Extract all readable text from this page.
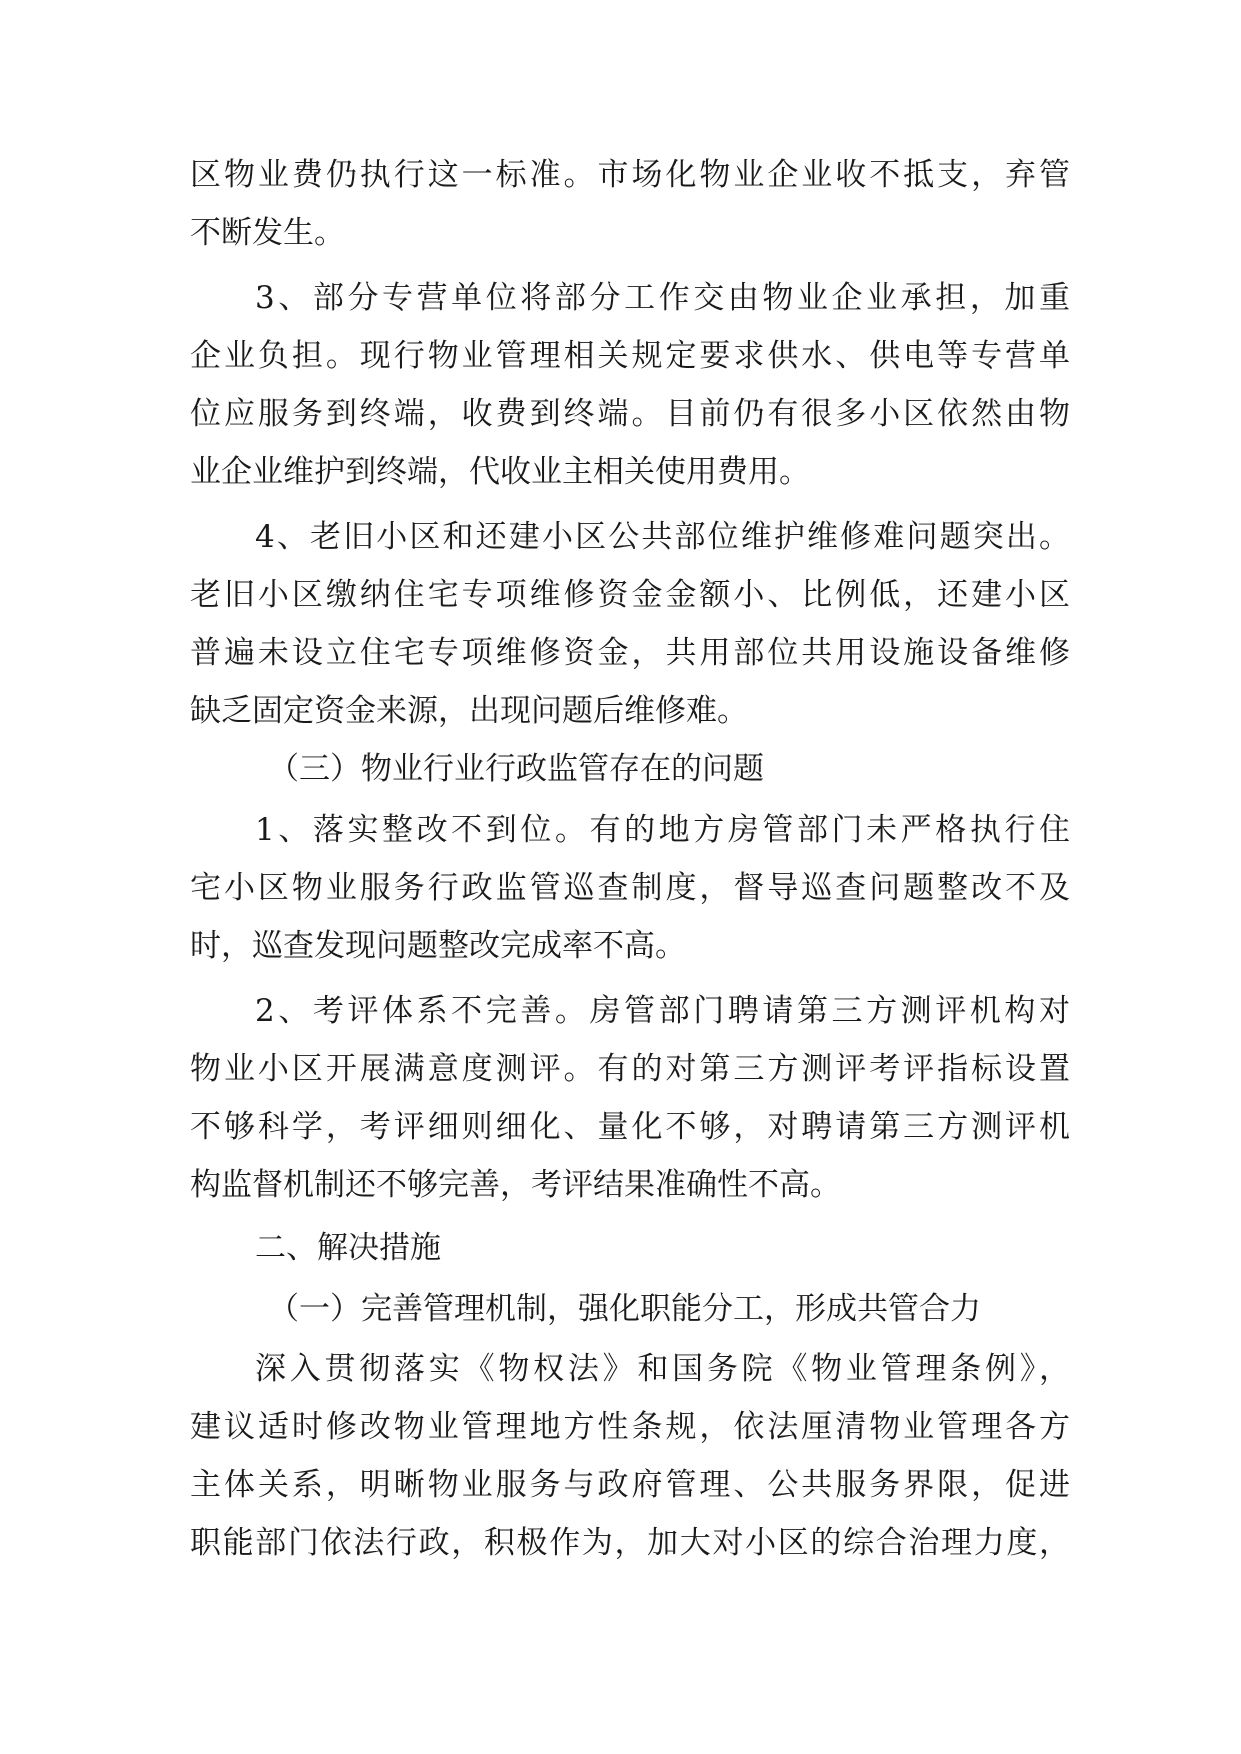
区物业费仍执行这一标准。市场化物业企业收不抵支，弃管

不断发生。

3、部分专营单位将部分工作交由物业企业承担，加重

企业负担。现行物业管理相关规定要求供水、供电等专营单

位应服务到终端，收费到终端。目前仍有很多小区依然由物

业企业维护到终端，代收业主相关使用费用。

4、老旧小区和还建小区公共部位维护维修难问题突出。

老旧小区缴纳住宅专项维修资金金额小、比例低，还建小区

普遍未设立住宅专项维修资金，共用部位共用设施设备维修

缺乏固定资金来源，出现问题后维修难。

（三）物业行业行政监管存在的问题

1、落实整改不到位。有的地方房管部门未严格执行住

宅小区物业服务行政监管巡查制度，督导巡查问题整改不及

时，巡查发现问题整改完成率不高。

2、考评体系不完善。房管部门聘请第三方测评机构对

物业小区开展满意度测评。有的对第三方测评考评指标设置

不够科学，考评细则细化、量化不够，对聘请第三方测评机

构监督机制还不够完善，考评结果准确性不高。

二、解决措施

（一）完善管理机制，强化职能分工，形成共管合力

深入贯彻落实《物权法》和国务院《物业管理条例》，

建议适时修改物业管理地方性条规，依法厘清物业管理各方

主体关系，明晰物业服务与政府管理、公共服务界限，促进

职能部门依法行政，积极作为，加大对小区的综合治理力度，
